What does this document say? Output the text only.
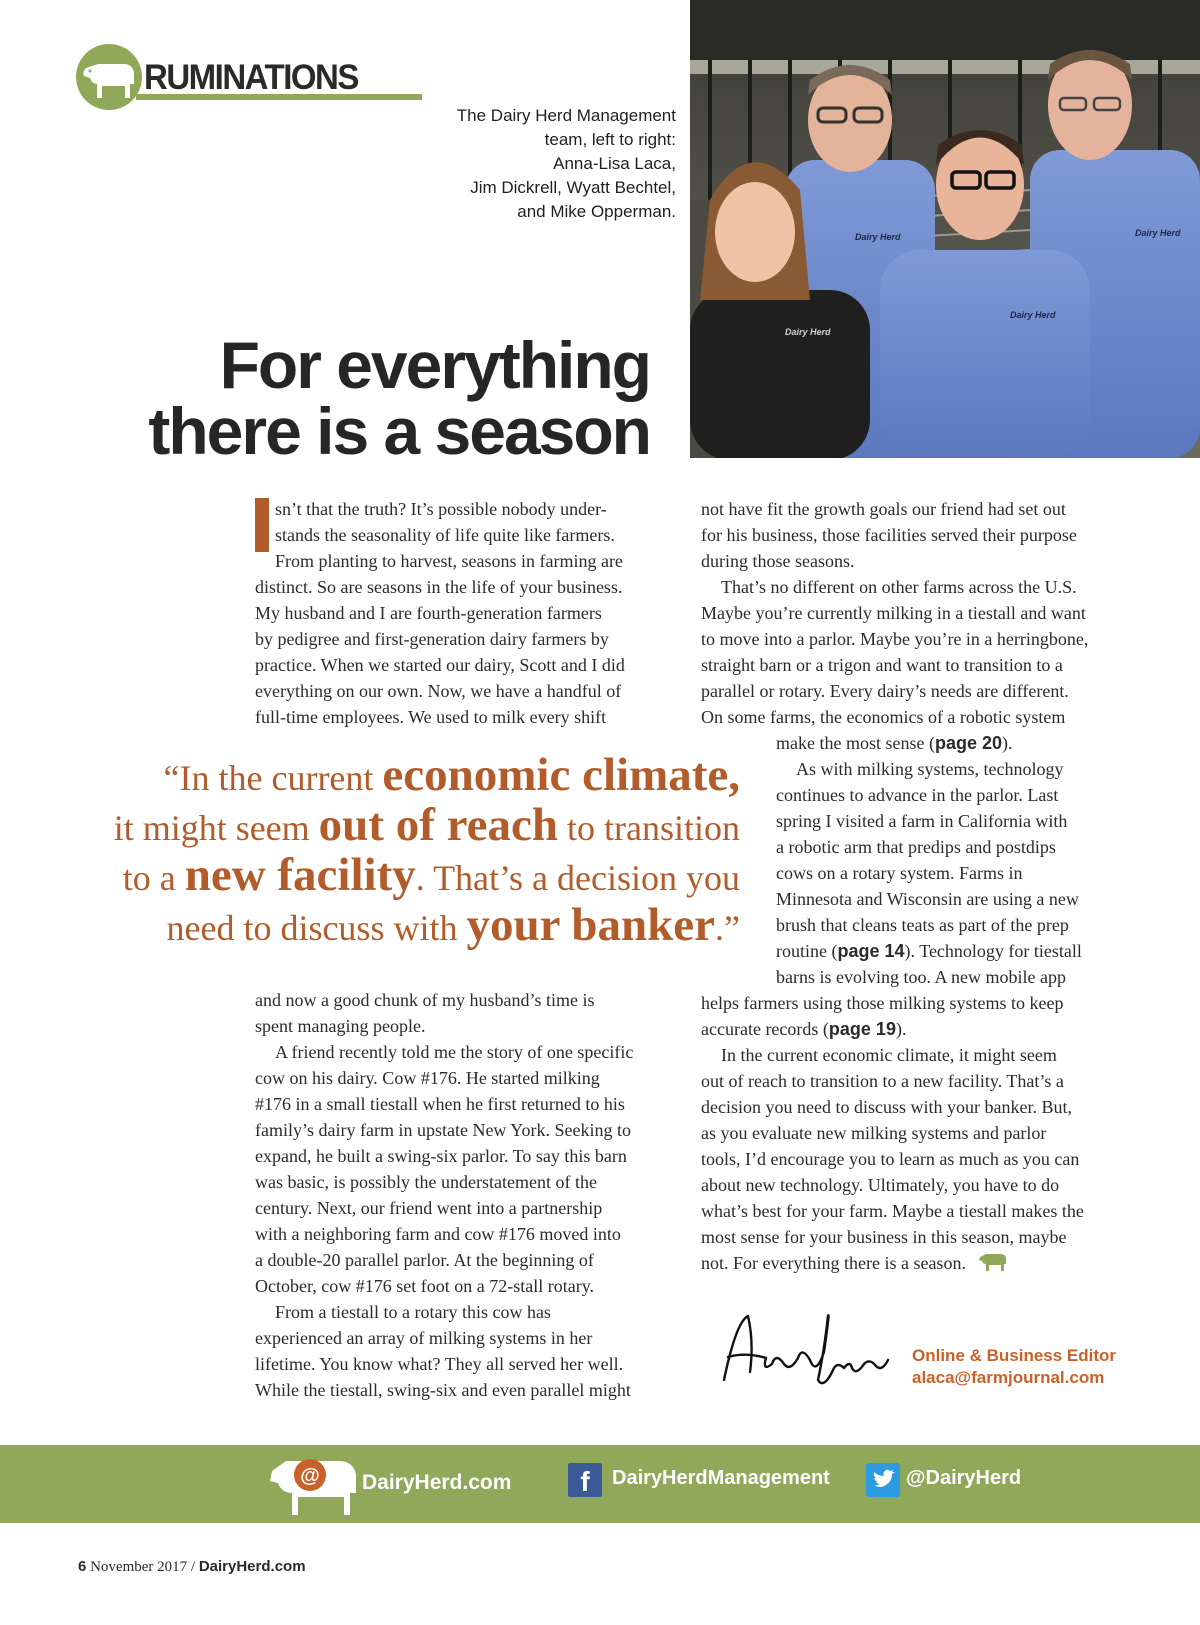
RUMINATIONS
The Dairy Herd Management
team, left to right:
Anna-Lisa Laca,
Jim Dickrell, Wyatt Bechtel,
and Mike Opperman.
Dairy Herd	Dairy Herd
Dairy Herd
Dairy Herd
For everything
there is a season
sn’t that the truth? It’s possible nobody under-
stands the seasonality of life quite like farmers.
From planting to harvest, seasons in farming are
distinct. So are seasons in the life of your business.
My husband and I are fourth-generation farmers
by pedigree and first-generation dairy farmers by
practice. When we started our dairy, Scott and I did
everything on our own. Now, we have a handful of
full-time employees. We used to milk every shift
“In the current economic climate,
it might seem out of reach to transition
to a new facility. That’s a decision you
need to discuss with your banker.”
and now a good chunk of my husband’s time is
spent managing people.
A friend recently told me the story of one specific
cow on his dairy. Cow #176. He started milking
#176 in a small tiestall when he first returned to his
family’s dairy farm in upstate New York. Seeking to
expand, he built a swing-six parlor. To say this barn
was basic, is possibly the understatement of the
century. Next, our friend went into a partnership
with a neighboring farm and cow #176 moved into
a double-20 parallel parlor. At the beginning of
October, cow #176 set foot on a 72-stall rotary.
From a tiestall to a rotary this cow has
experienced an array of milking systems in her
lifetime. You know what? They all served her well.
While the tiestall, swing-six and even parallel might
not have fit the growth goals our friend had set out
for his business, those facilities served their purpose
during those seasons.
That’s no different on other farms across the U.S.
Maybe you’re currently milking in a tiestall and want
to move into a parlor. Maybe you’re in a herringbone,
straight barn or a trigon and want to transition to a
parallel or rotary. Every dairy’s needs are different.
On some farms, the economics of a robotic system
make the most sense (page 20).
As with milking systems, technology
continues to advance in the parlor. Last
spring I visited a farm in California with
a robotic arm that predips and postdips
cows on a rotary system. Farms in
Minnesota and Wisconsin are using a new
brush that cleans teats as part of the prep
routine (page 14). Technology for tiestall
barns is evolving too. A new mobile app
helps farmers using those milking systems to keep
accurate records (page 19).
In the current economic climate, it might seem
out of reach to transition to a new facility. That’s a
decision you need to discuss with your banker. But,
as you evaluate new milking systems and parlor
tools, I’d encourage you to learn as much as you can
about new technology. Ultimately, you have to do
what’s best for your farm. Maybe a tiestall makes the
most sense for your business in this season, maybe
not. For everything there is a season.
Online & Business Editor
alaca@farmjournal.com
@ DairyHerd.com	f	DairyHerdManagement	@DairyHerd
6 November 2017 / DairyHerd.com
